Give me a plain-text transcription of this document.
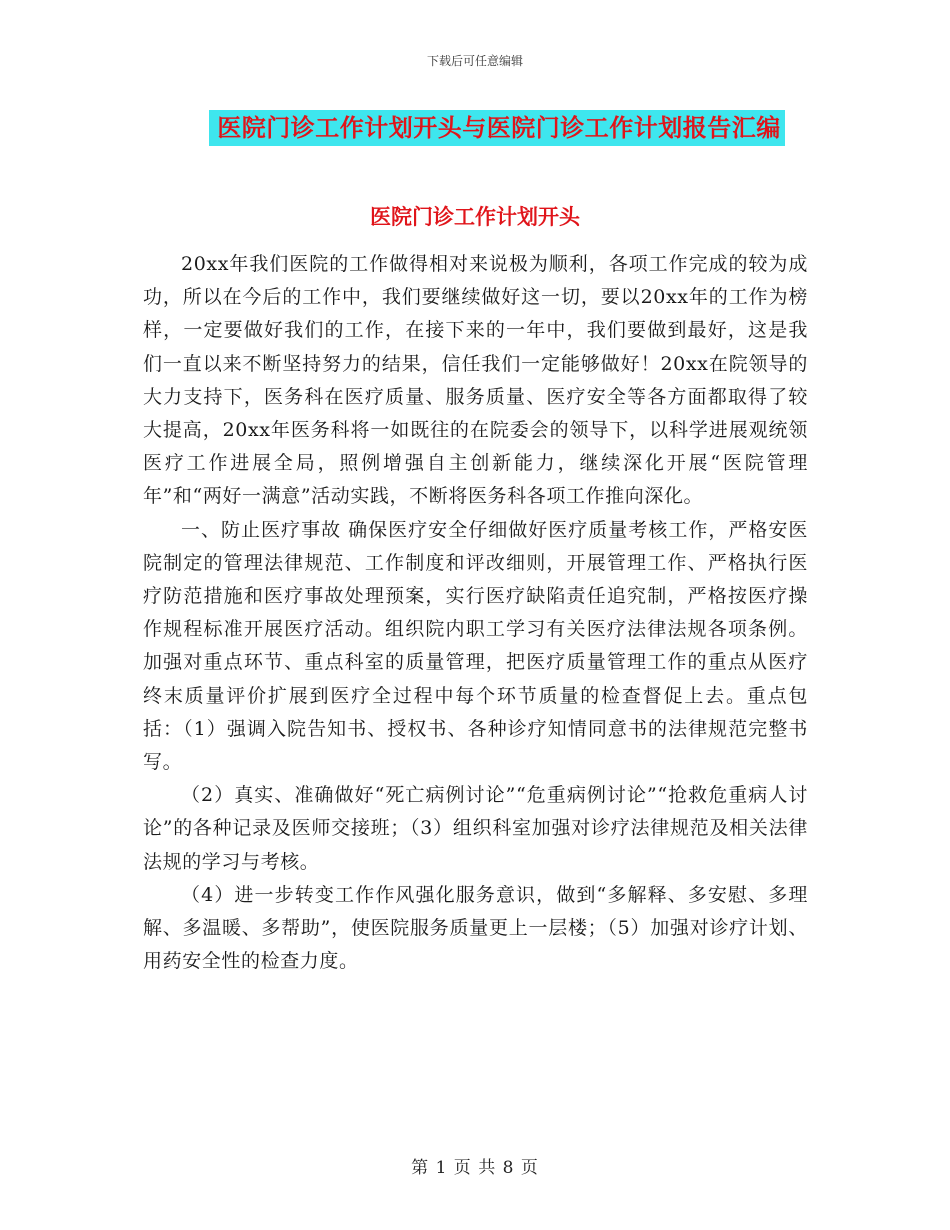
下载后可任意编辑
医院门诊工作计划开头与医院门诊工作计划报告汇编
医院门诊工作计划开头

20xx年我们医院的工作做得相对来说极为顺利，各项工作完成的较为成功，所以在今后的工作中，我们要继续做好这一切，要以20xx年的工作为榜样，一定要做好我们的工作，在接下来的一年中，我们要做到最好，这是我们一直以来不断坚持努力的结果，信任我们一定能够做好！20xx在院领导的大力支持下，医务科在医疗质量、服务质量、医疗安全等各方面都取得了较大提高，20xx年医务科将一如既往的在院委会的领导下，以科学进展观统领医疗工作进展全局，照例增强自主创新能力，继续深化开展“医院管理年”和“两好一满意”活动实践，不断将医务科各项工作推向深化。

一、防止医疗事故 确保医疗安全仔细做好医疗质量考核工作，严格安医院制定的管理法律规范、工作制度和评改细则，开展管理工作、严格执行医疗防范措施和医疗事故处理预案，实行医疗缺陷责任追究制，严格按医疗操作规程标准开展医疗活动。组织院内职工学习有关医疗法律法规各项条例。加强对重点环节、重点科室的质量管理，把医疗质量管理工作的重点从医疗终末质量评价扩展到医疗全过程中每个环节质量的检查督促上去。重点包括：（1）强调入院告知书、授权书、各种诊疗知情同意书的法律规范完整书写。

（2）真实、准确做好“死亡病例讨论”“危重病例讨论”“抢救危重病人讨论”的各种记录及医师交接班；（3）组织科室加强对诊疗法律规范及相关法律法规的学习与考核。

（4）进一步转变工作作风强化服务意识，做到“多解释、多安慰、多理解、多温暖、多帮助”，使医院服务质量更上一层楼；（5）加强对诊疗计划、用药安全性的检查力度。

第 1 页 共 8 页
